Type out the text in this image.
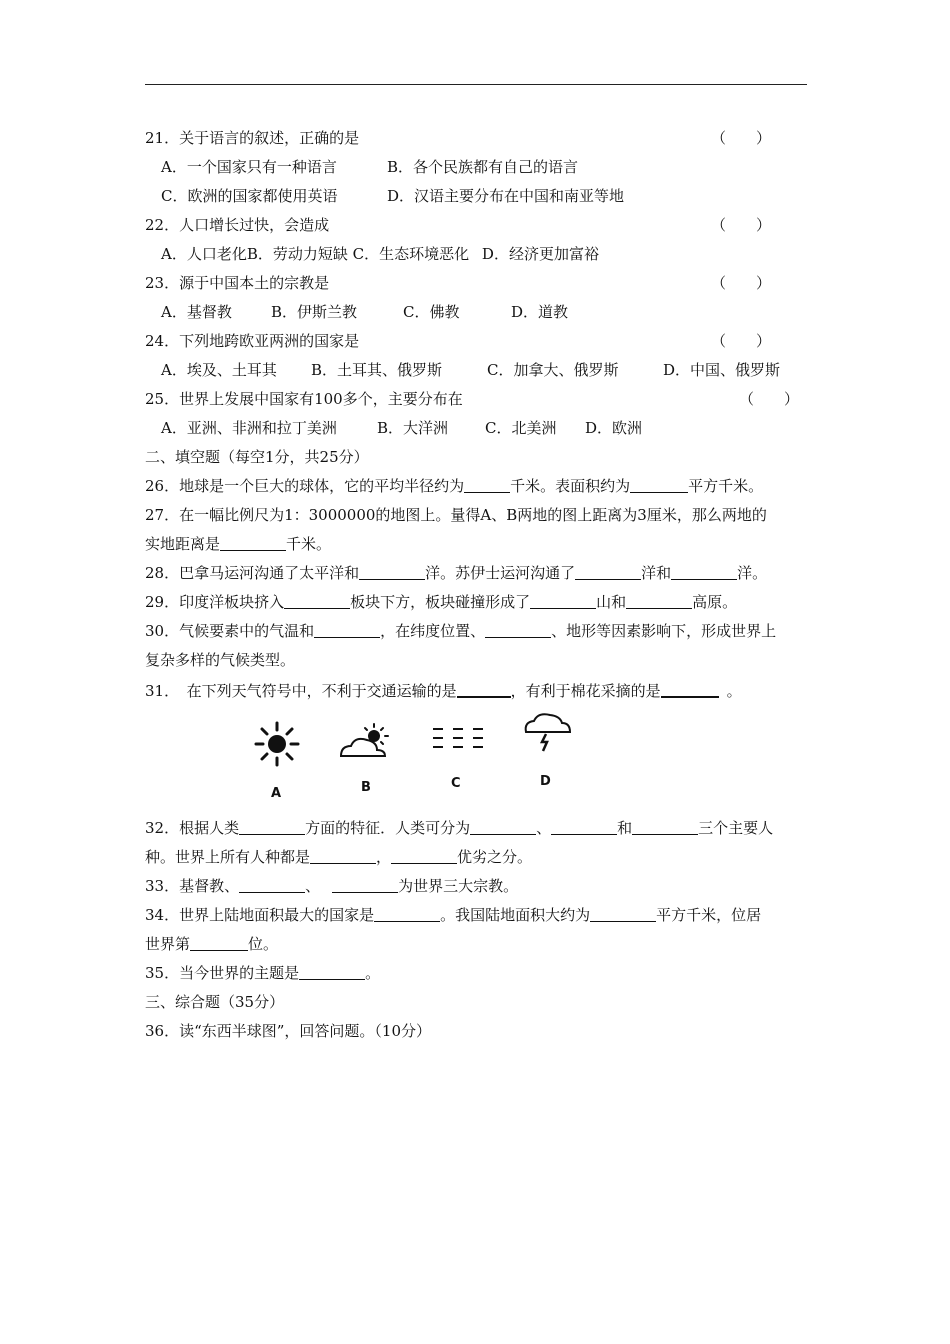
21．关于语言的叙述，正确的是	（　　）
A．一个国家只有一种语言	B．各个民族都有自己的语言
C．欧洲的国家都使用英语	D．汉语主要分布在中国和南亚等地
22．人口增长过快，会造成	（　　）
A．人口老化B．劳动力短缺 C．生态环境恶化 D．经济更加富裕
23．源于中国本土的宗教是	（　　）
A．基督教	B．伊斯兰教	C．佛教	D．道教
24．下列地跨欧亚两洲的国家是	（　　）
A．埃及、土耳其 B．土耳其、俄罗斯	C．加拿大、俄罗斯	D．中国、俄罗斯
25．世界上发展中国家有100多个，主要分布在	（　　）
A．亚洲、非洲和拉丁美洲	B．大洋洲 C．北美洲 D．欧洲
二、填空题（每空1分，共25分）
26．地球是一个巨大的球体，它的平均半径约为	千米。表面积约为	平方千米。
27．在一幅比例尺为1：3000000的地图上。量得A、B两地的图上距离为3厘米，那么两地的
实地距离是	千米。
28．巴拿马运河沟通了太平洋和	洋。苏伊士运河沟通了	洋和	洋。
29．印度洋板块挤入	板块下方，板块碰撞形成了	山和	高原。
30．气候要素中的气温和	，在纬度位置、	、地形等因素影响下，形成世界上
复杂多样的气候类型。
31．　在下列天气符号中，不利于交通运输的是	，有利于棉花采摘的是	。
A	B	C	D
32．根据人类	方面的特征．人类可分为	、	和	三个主要人
种。世界上所有人种都是	，	优劣之分。
33．基督教、	、	为世界三大宗教。
34．世界上陆地面积最大的国家是	。我国陆地面积大约为	平方千米，位居
世界第	位。
35．当今世界的主题是	。
三、综合题（35分）
36．读“东西半球图”，回答问题。（10分）
